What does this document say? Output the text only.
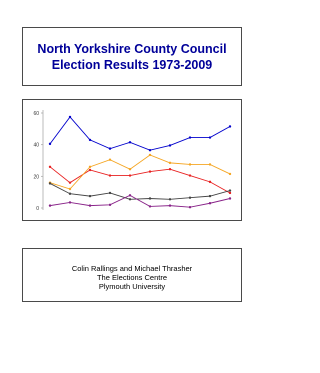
North Yorkshire County Council
Election Results 1973-2009
0
20
40
60
Colin Rallings and Michael Thrasher
The Elections Centre
Plymouth University
